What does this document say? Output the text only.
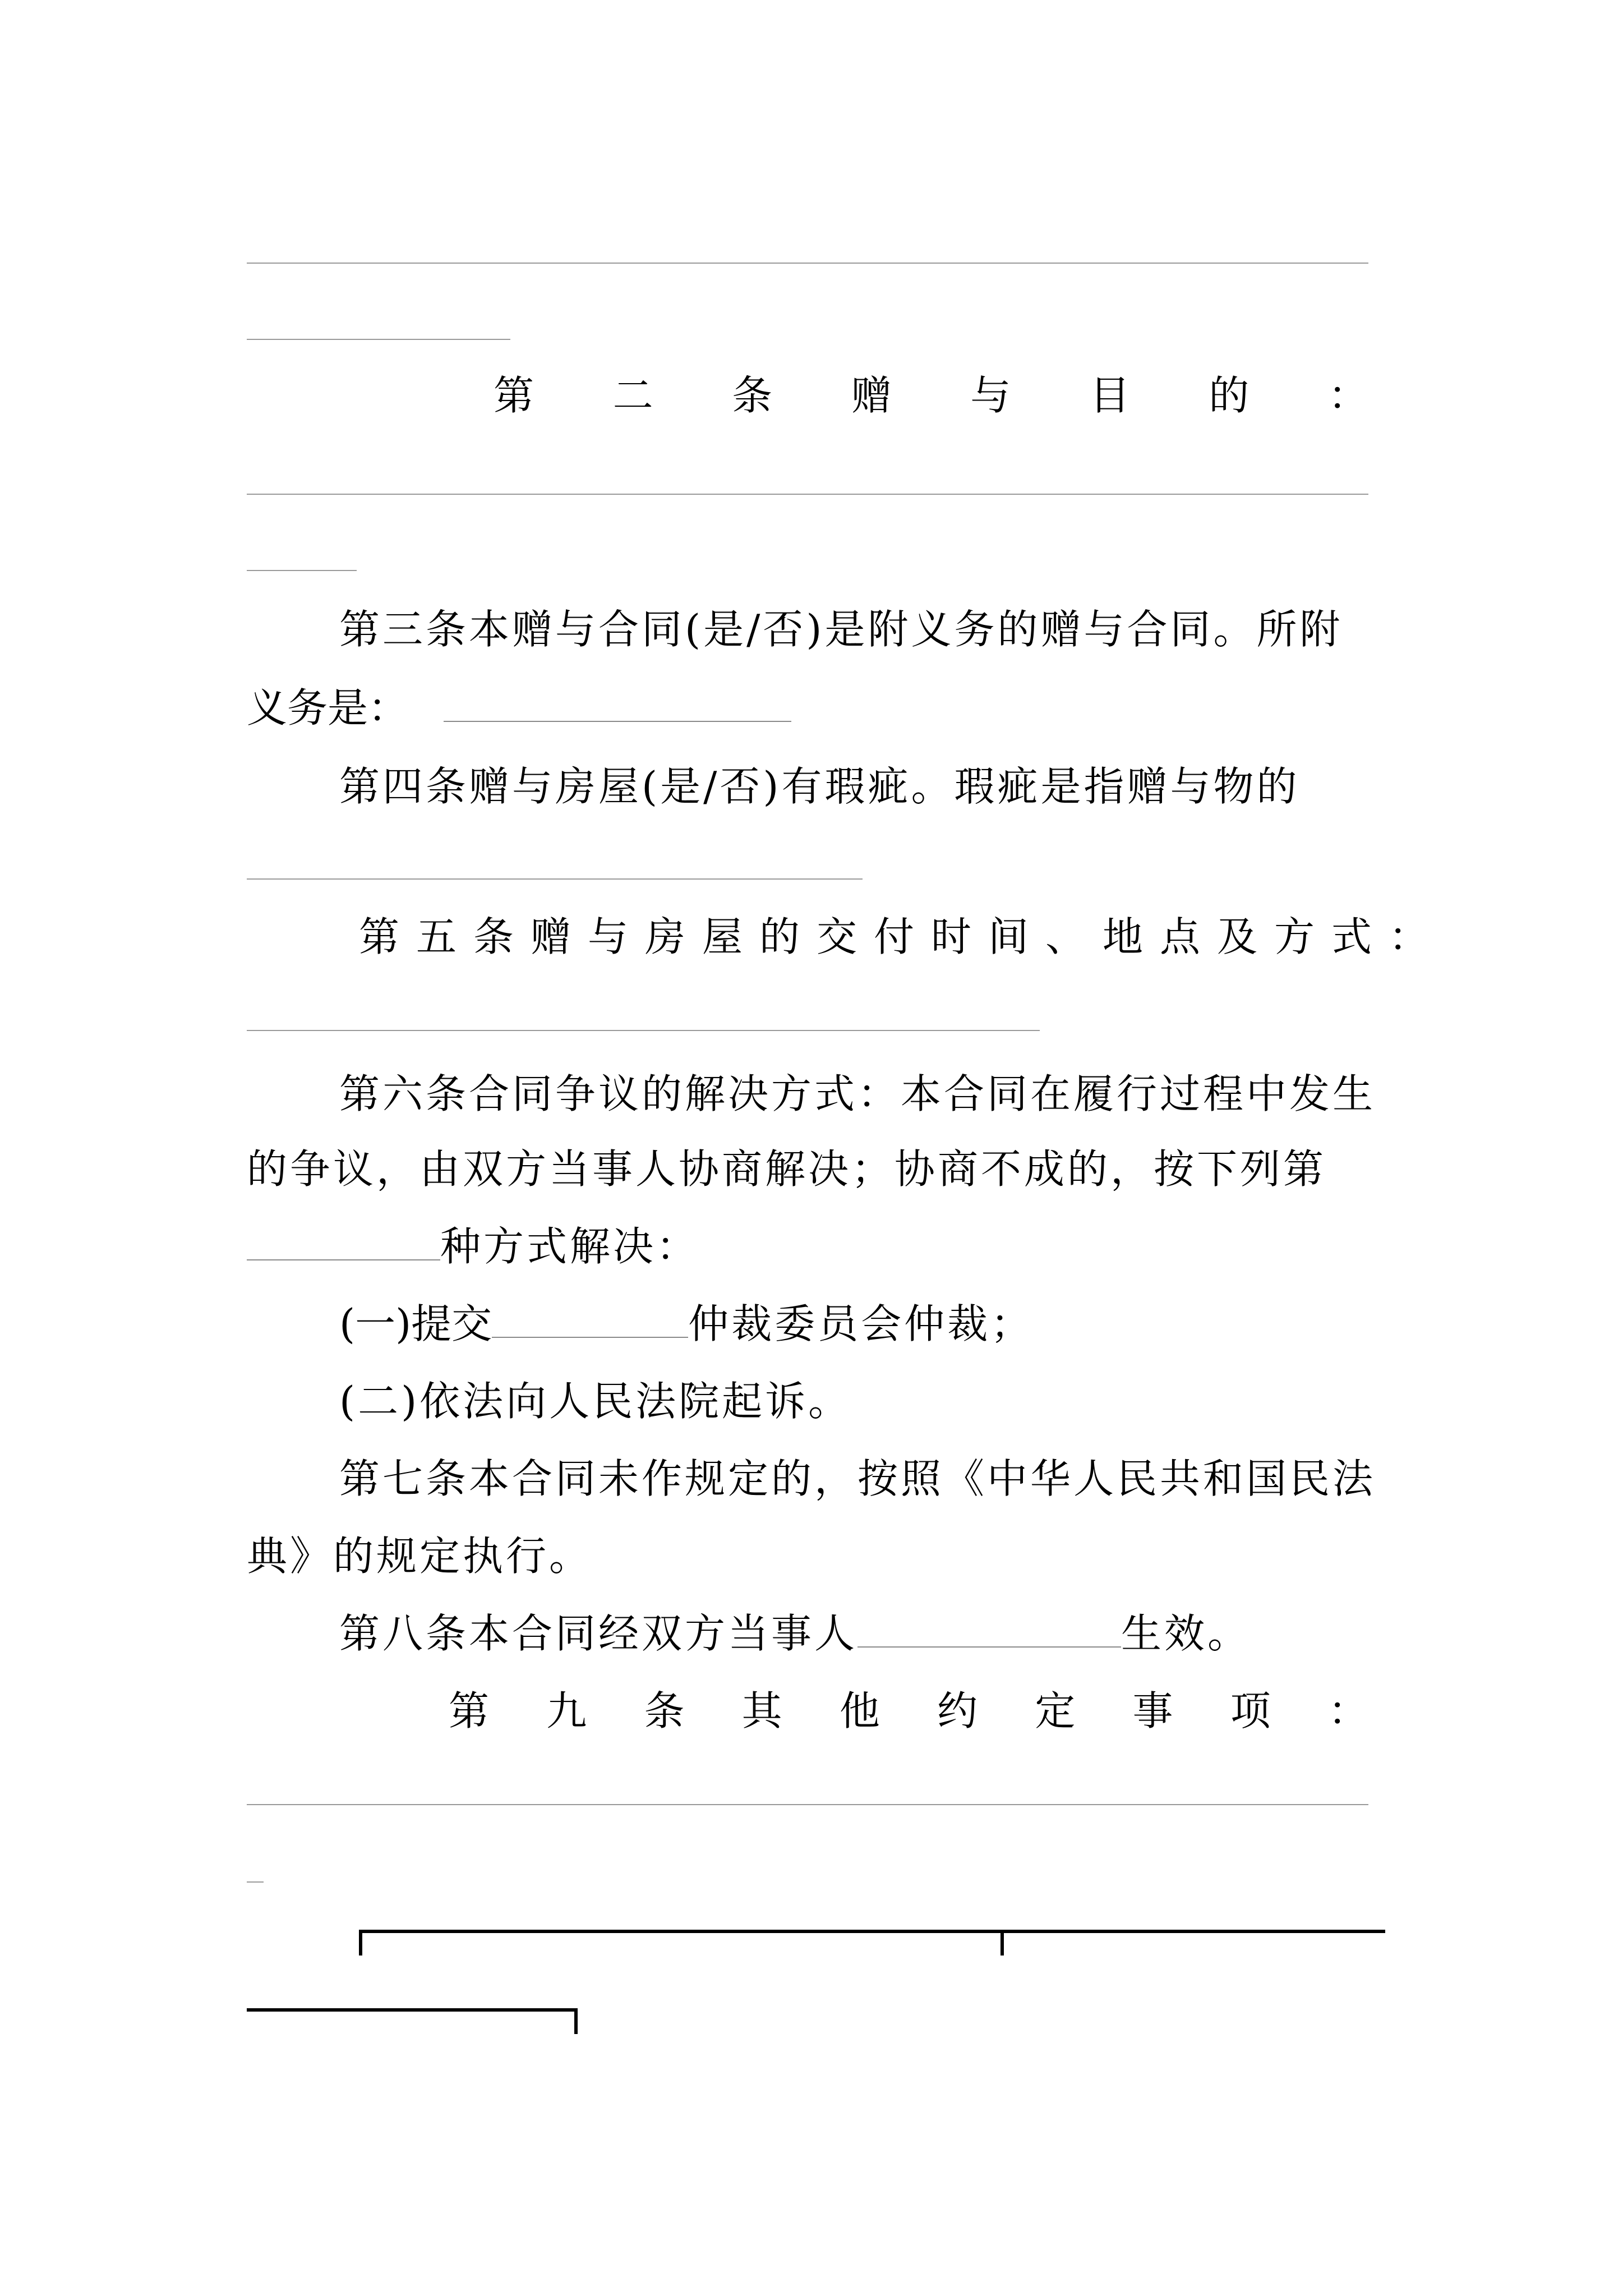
第 二 条 赠 与 目 的 ：
第三条本赠与合同(是/否)是附义务的赠与合同。所附
义务是：
第四条赠与房屋(是/否)有瑕疵。瑕疵是指赠与物的
第五条赠与房屋的交付时间、地点及方式：
第六条合同争议的解决方式：本合同在履行过程中发生
的争议，由双方当事人协商解决；协商不成的，按下列第
种方式解决：
(一)提交	仲裁委员会仲裁；
(二)依法向人民法院起诉。
第七条本合同未作规定的，按照《中华人民共和国民法
典》的规定执行。
第八条本合同经双方当事人	生效。
第 九 条 其 他 约 定 事 项 ：
